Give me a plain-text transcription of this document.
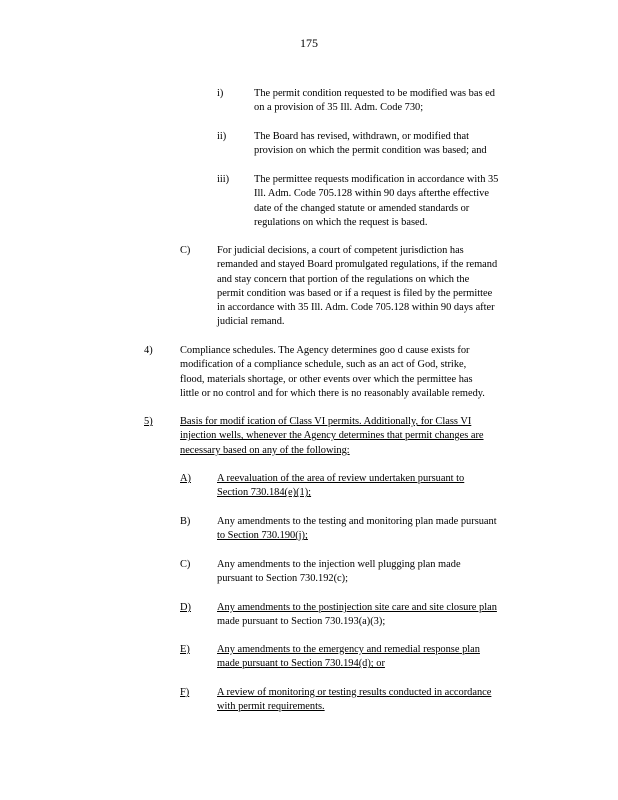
175
i)	The permit condition requested to be modified was bas ed
on a provision of 35 Ill. Adm. Code 730;
ii)	The Board has revised, withdrawn, or modified that
provision on which the permit condition was based; and
iii) The permittee requests modification in accordance with 35
Ill. Adm. Code 705.128 within 90 days afterthe effective
date of the changed statute or amended standards or
regulations on which the request is based.
C)	For judicial decisions, a court of competent jurisdiction has
remanded and stayed Board promulgated regulations, if the remand
and stay concern that portion of the regulations on which the
permit condition was based or if a request is filed by the permittee
in accordance with 35 Ill. Adm. Code 705.128 within 90 days after
judicial remand.
4)	Compliance schedules. The Agency determines goo d cause exists for
modification of a compliance schedule, such as an act of God, strike,
flood, materials shortage, or other events over which the permittee has
little or no control and for which there is no reasonably available remedy.
5)	Basis for modif ication of Class VI permits. Additionally, for Class VI
injection wells, whenever the Agency determines that permit changes are
necessary based on any of the following:
A)	A reevaluation of the area of review undertaken pursuant to
Section 730.184(e)(1);
B)	Any amendments to the testing and monitoring plan made pursuant
to Section 730.190(j);
C)	Any amendments to the injection well plugging plan made
pursuant to Section 730.192(c);
D)	Any amendments to the postinjection site care and site closure plan
made pursuant to Section 730.193(a)(3);
E)	Any amendments to the emergency and remedial response plan
made pursuant to Section 730.194(d); or
F)	A review of monitoring or testing results conducted in accordance
with permit requirements.
